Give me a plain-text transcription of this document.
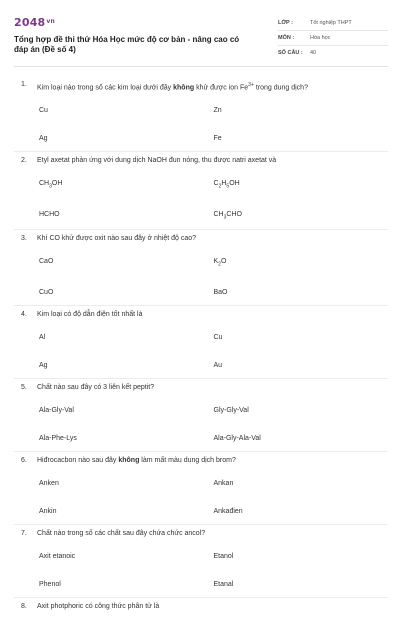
$2048^{vn}$
Tổng hợp đề thi thử Hóa Học mức độ cơ bản - nâng cao có đáp án (Đề số 4)
LỚP :	Tốt nghiệp THPT
MÔN :	Hóa học
SỐ CÂU :	40
1.	Kim loại nào trong số các kim loại dưới đây không khử được ion $Fe^{3+}$ trong dung dịch?
Cu	Zn
Ag	Fe
2.	Etyl axetat phản ứng với dung dịch NaOH đun nóng, thu được natri axetat và
$CH_3OH$	$C_2H_5OH$
HCHO	$CH_3CHO$
3.	Khí CO khử được oxit nào sau đây ở nhiệt độ cao?
CaO	$K_2O$
CuO	BaO
4.	Kim loại có độ dẫn điện tốt nhất là
Al	Cu
Ag	Au
5.	Chất nào sau đây có 3 liên kết peptit?
Ala-Gly-Val	Gly-Gly-Val
Ala-Phe-Lys	Ala-Gly-Ala-Val
6.	Hiđrocacbon nào sau đây không làm mất màu dung dịch brom?
Anken	Ankan
Ankin	Ankađien
7.	Chất nào trong số các chất sau đây chứa chức ancol?
Axit etanoic	Etanol
Phenol	Etanal
8.	Axit photphoric có công thức phân tử là
